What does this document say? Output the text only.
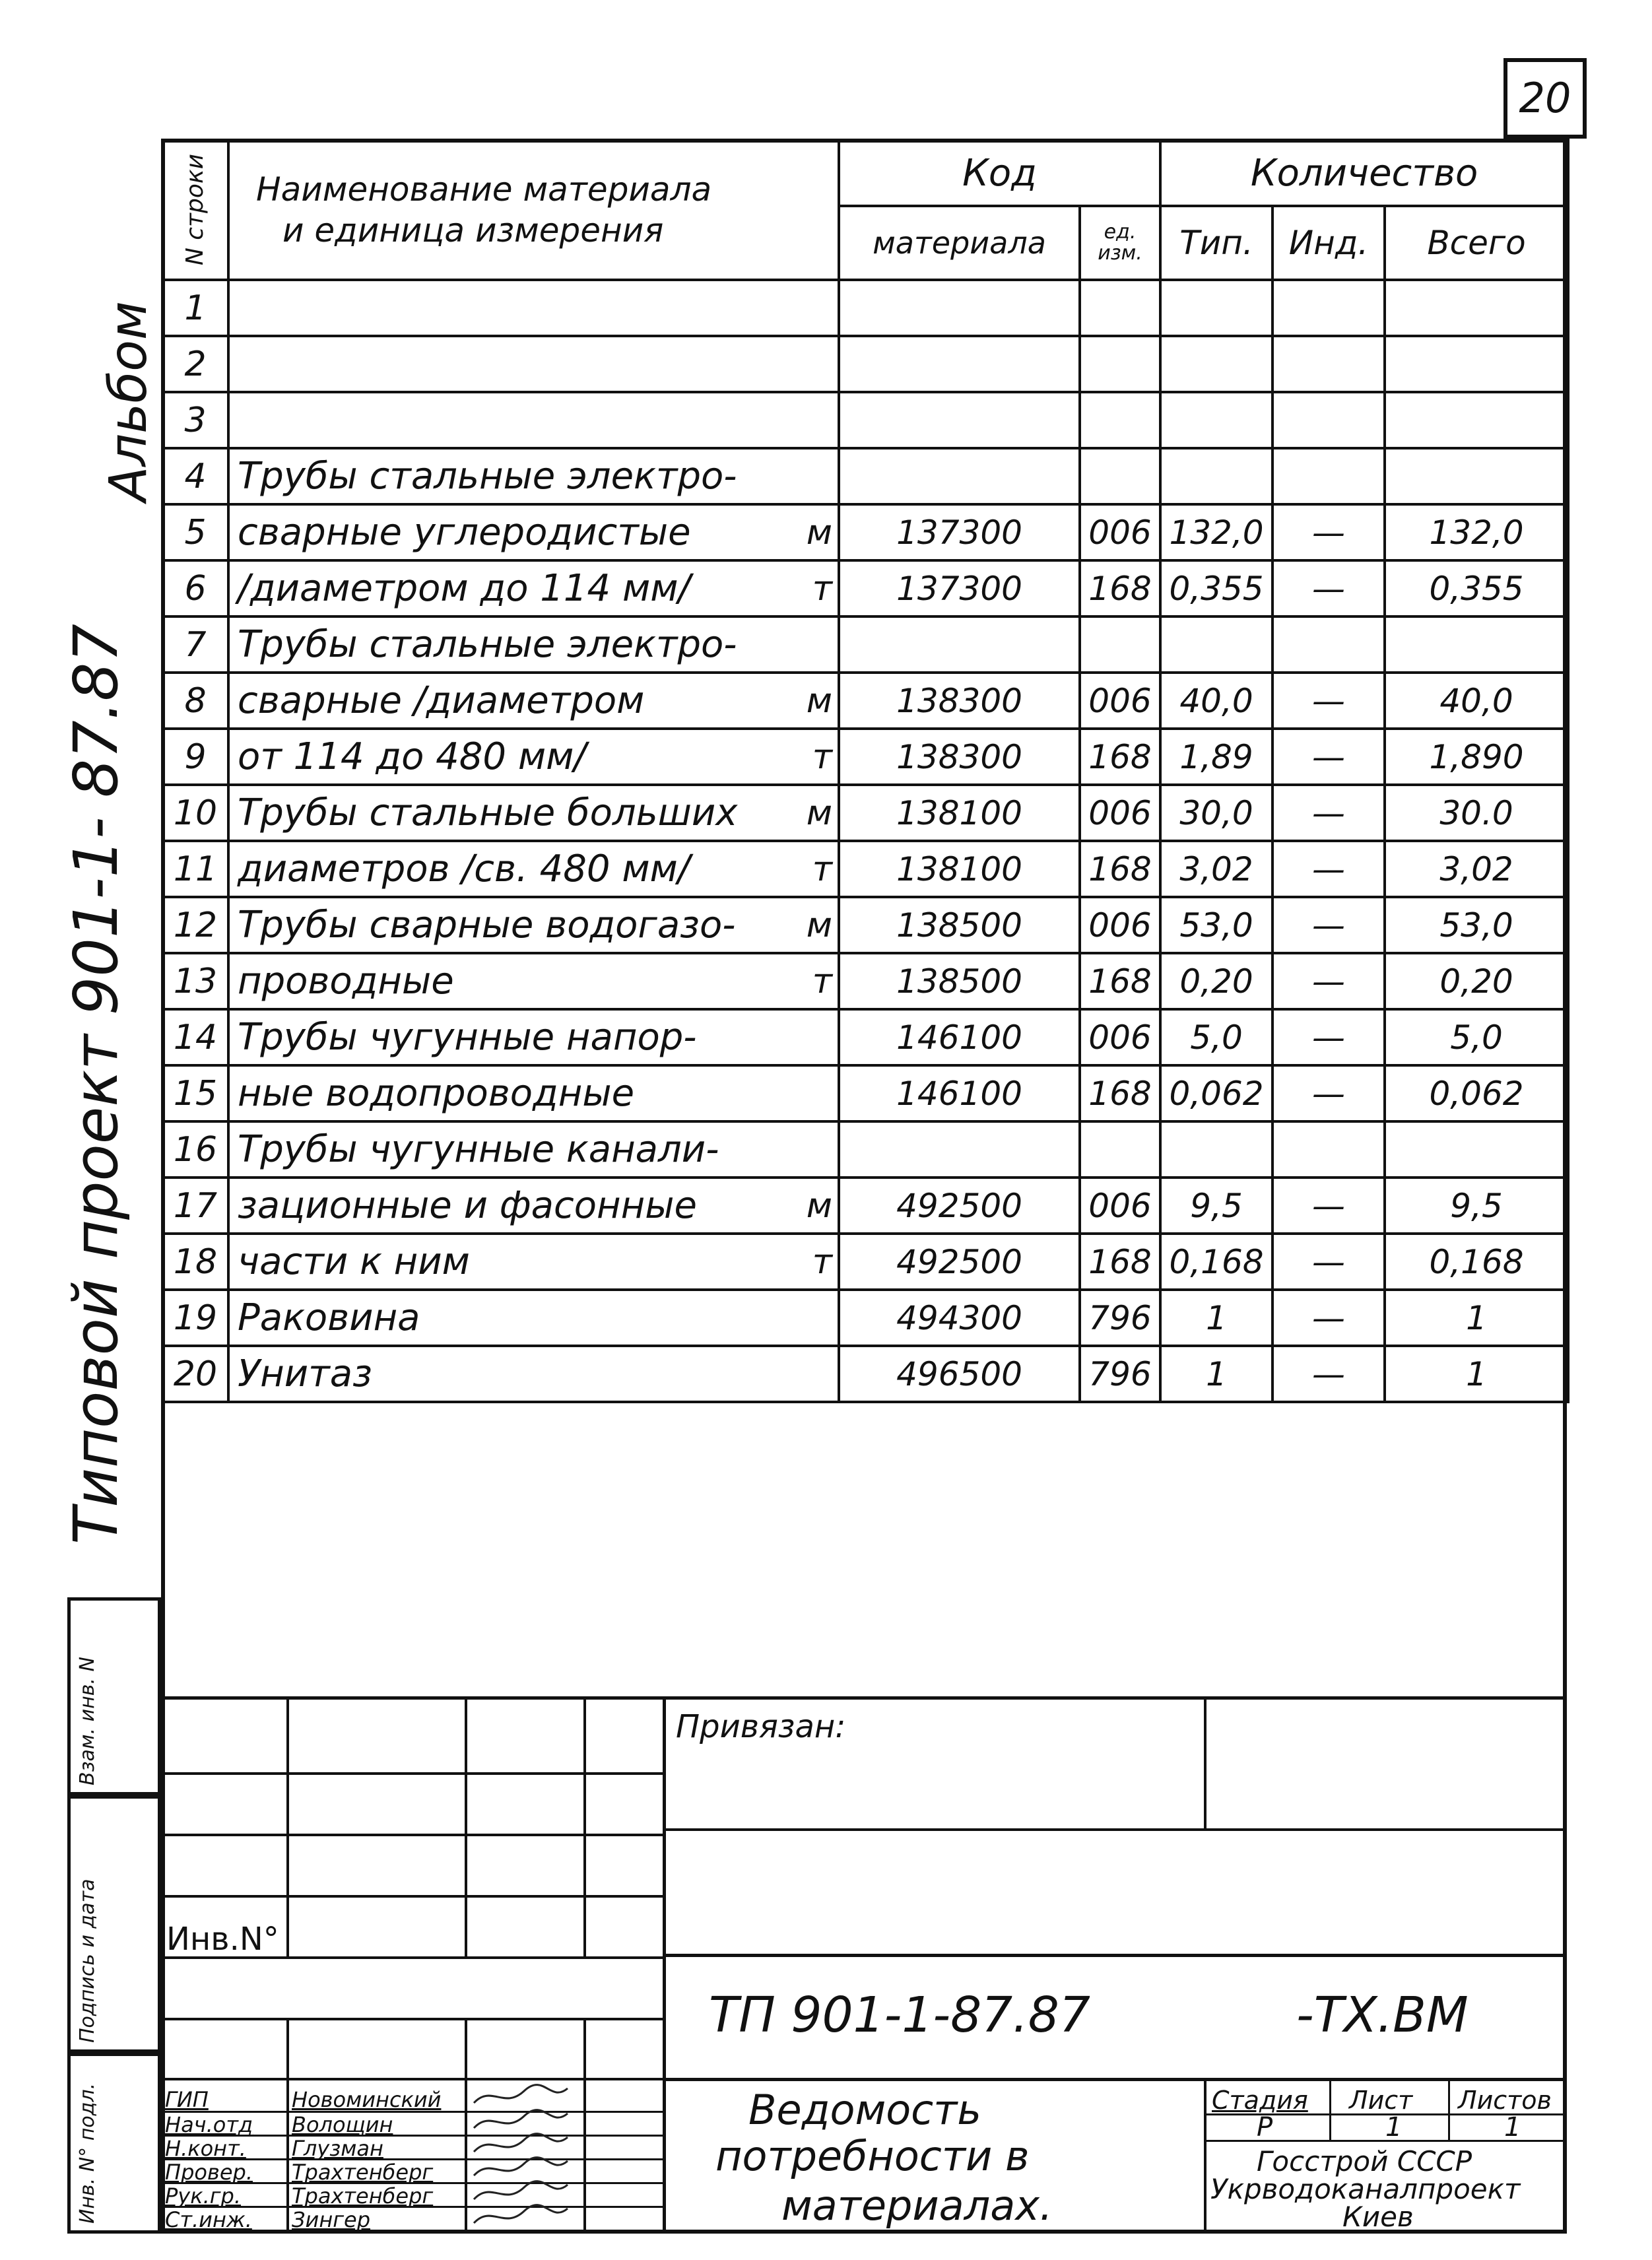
20
Типовой проект 901-1- 87.87
Альбом
Взам. инв. N
Подпись и дата
Инв. N° подл.
N строки	Наименование материала
и единица измерения		Код		Количество		
			материала	ед. изм.	Тип.	Инд.	Всего
1							
2							
3							
4	Трубы стальные электро-						
5	сварные углеродистые	м	137300	006	132,0	—	132,0
6	/диаметром до 114 мм/	т	137300	168	0,355	—	0,355
7	Трубы стальные электро-						
8	сварные /диаметром	м	138300	006	40,0	—	40,0
9	от 114 до 480 мм/	т	138300	168	1,89	—	1,890
10	Трубы стальные больших	м	138100	006	30,0	—	30.0
11	диаметров /св. 480 мм/	т	138100	168	3,02	—	3,02
12	Трубы сварные водогазо-	м	138500	006	53,0	—	53,0
13	проводные	т	138500	168	0,20	—	0,20
14	Трубы чугунные напор-		146100	006	5,0	—	5,0
15	ные водопроводные		146100	168	0,062	—	0,062
16	Трубы чугунные канали-						
17	зационные и фасонные	м	492500	006	9,5	—	9,5
18	части к ним	т	492500	168	0,168	—	0,168
19	Раковина		494300	796	1	—	1
20	Унитаз		496500	796	1	—	1
Привязан:
Инв.N°
ТП 901-1-87.87	-ТХ.ВМ
Ведомость
потребности в
материалах.
Стадия Лист Листов
Р	1	1
Госстрой СССР
Укрводоканалпроект
Киев
ГИП	Новоминский
Нач.отд Волощин
Н.конт. Глузман
Провер. Трахтенберг
Рук.гр. Трахтенберг
Ст.инж. Зингер
